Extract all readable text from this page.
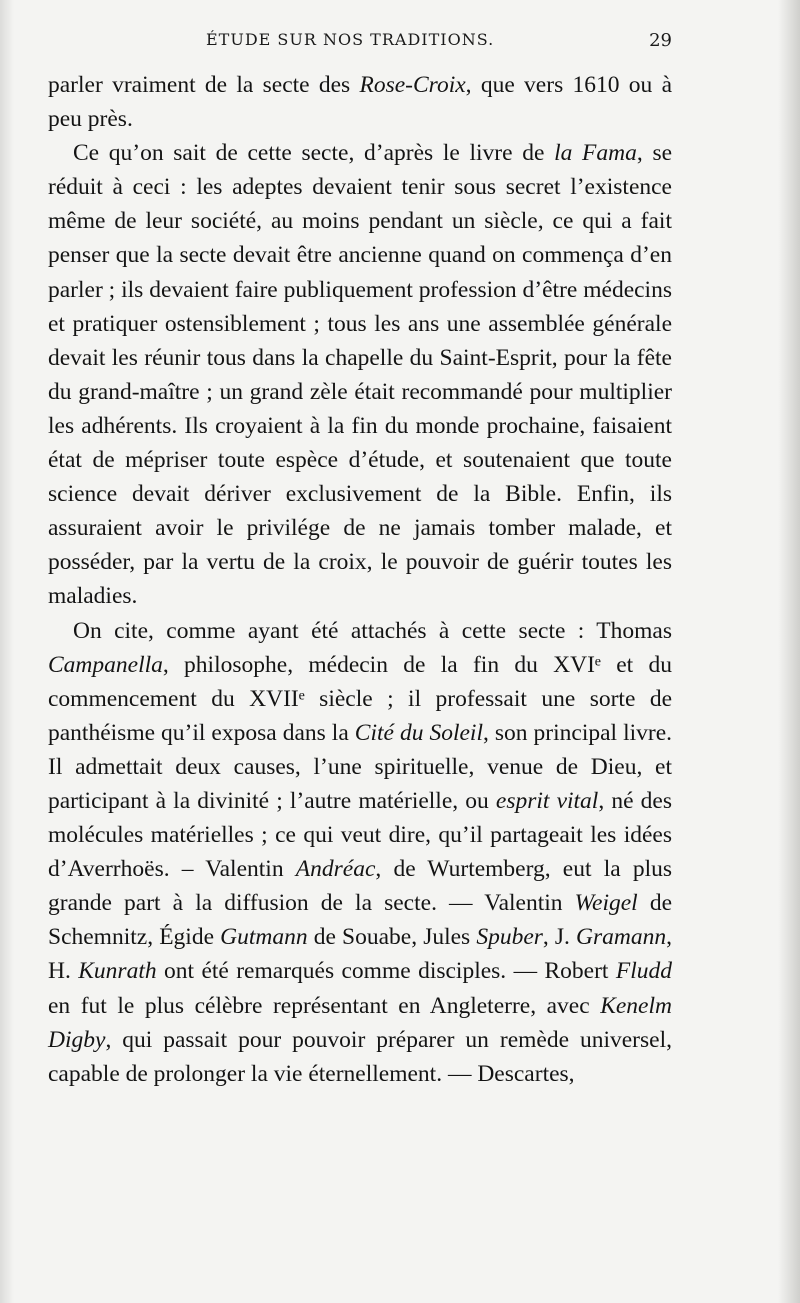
ÉTUDE SUR NOS TRADITIONS.	29

parler vraiment de la secte des Rose-Croix, que vers 1610 ou à peu près.

Ce qu’on sait de cette secte, d’après le livre de la Fama, se réduit à ceci : les adeptes devaient tenir sous secret l’existence même de leur société, au moins pendant un siècle, ce qui a fait penser que la secte devait être ancienne quand on commença d’en parler ; ils devaient faire publiquement profession d’être médecins et pratiquer ostensiblement ; tous les ans une assemblée générale devait les réunir tous dans la chapelle du Saint-Esprit, pour la fête du grand-maître ; un grand zèle était recommandé pour multiplier les adhérents. Ils croyaient à la fin du monde prochaine, faisaient état de mépriser toute espèce d’étude, et soutenaient que toute science devait dériver exclusivement de la Bible. Enfin, ils assuraient avoir le privilége de ne jamais tomber malade, et posséder, par la vertu de la croix, le pouvoir de guérir toutes les maladies.

On cite, comme ayant été attachés à cette secte : Thomas Campanella, philosophe, médecin de la fin du XVIᵉ et du commencement du XVIIᵉ siècle ; il professait une sorte de panthéisme qu’il exposa dans la Cité du Soleil, son principal livre. Il admettait deux causes, l’une spirituelle, venue de Dieu, et participant à la divinité ; l’autre matérielle, ou esprit vital, né des molécules matérielles ; ce qui veut dire, qu’il partageait les idées d’Averrhoës. – Valentin Andréac, de Wurtemberg, eut la plus grande part à la diffusion de la secte. — Valentin Weigel de Schemnitz, Égide Gutmann de Souabe, Jules Spuber, J. Gramann, H. Kunrath ont été remarqués comme disciples. — Robert Fludd en fut le plus célèbre représentant en Angleterre, avec Kenelm Digby, qui passait pour pouvoir préparer un remède universel, capable de prolonger la vie éternellement. — Descartes,
